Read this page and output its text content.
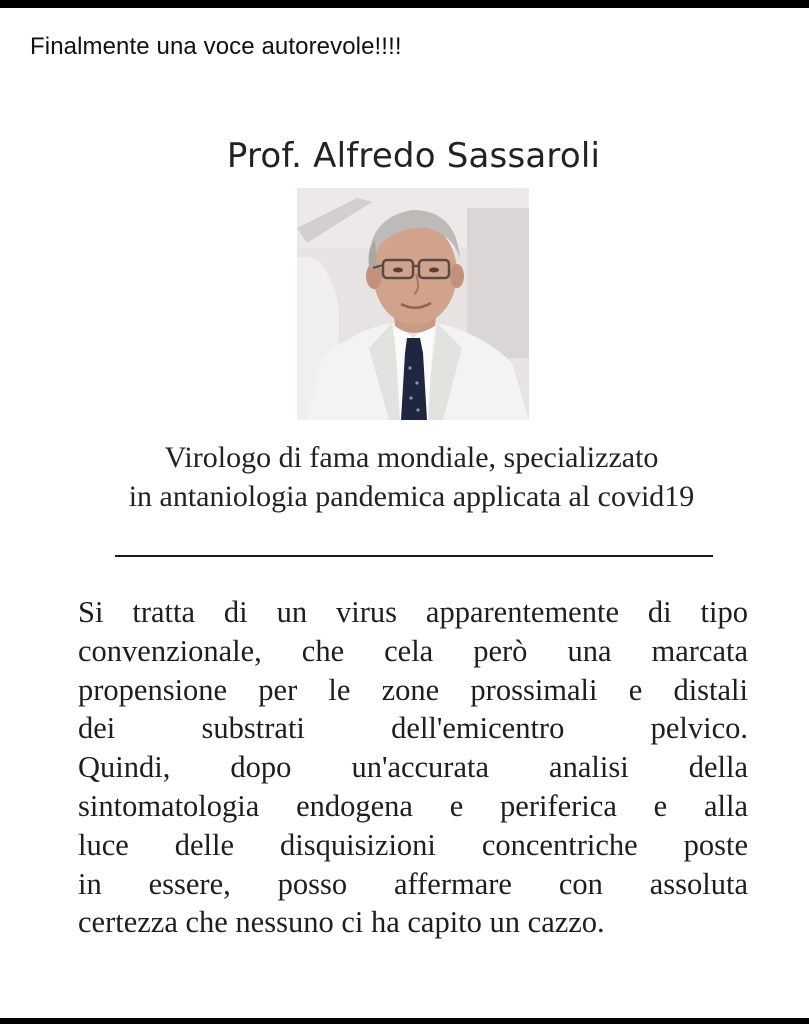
Finalmente una voce autorevole!!!!

Prof. Alfredo Sassaroli
Virologo di fama mondiale, specializzato
in antaniologia pandemica applicata al covid19
Si tratta di un virus apparentemente di tipo
convenzionale, che cela però una marcata
propensione per le zone prossimali e distali
dei substrati dell'emicentro pelvico.
Quindi, dopo un'accurata analisi della
sintomatologia endogena e periferica e alla
luce delle disquisizioni concentriche poste
in essere, posso affermare con assoluta
certezza che nessuno ci ha capito un cazzo.
